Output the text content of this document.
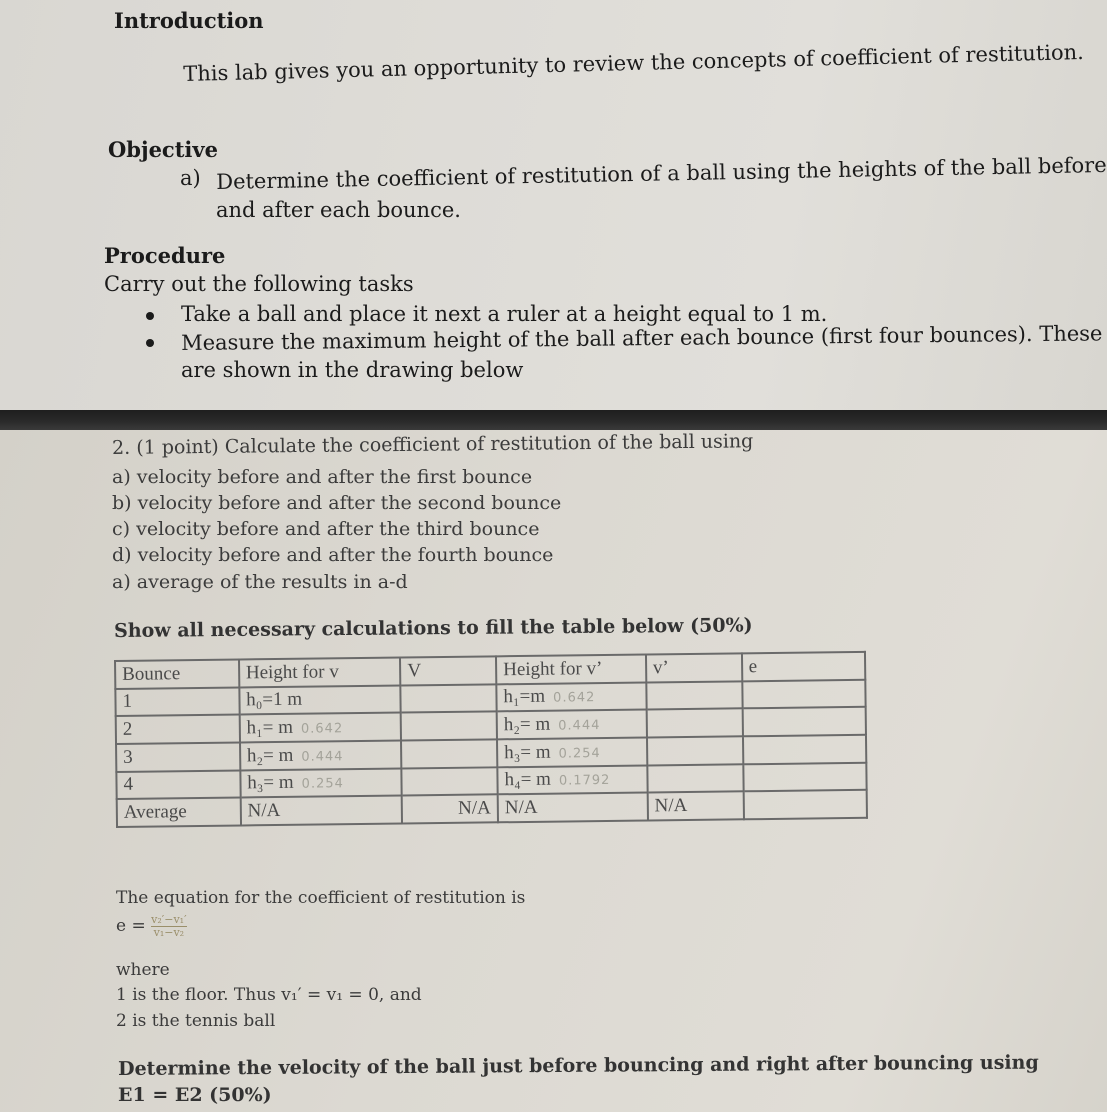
Introduction
This lab gives you an opportunity to review the concepts of coefficient of restitution.
Objective
a) Determine the coefficient of restitution of a ball using the heights of the ball before
and after each bounce.
Procedure
Carry out the following tasks
Take a ball and place it next a ruler at a height equal to 1 m.
Measure the maximum height of the ball after each bounce (first four bounces). These
are shown in the drawing below
2. (1 point) Calculate the coefficient of restitution of the ball using
a) velocity before and after the first bounce
b) velocity before and after the second bounce
c) velocity before and after the third bounce
d) velocity before and after the fourth bounce
a) average of the results in a-d
Show all necessary calculations to fill the table below (50%)
Bounce	Height for v	V	Height for v’	v’	e
1	h₀=1 m		h₁=m 0.642		
2	h₁= m 0.642		h₂= m 0.444		
3	h₂= m 0.444		h₃= m 0.254		
4	h₃= m 0.254		h₄= m 0.1792		
Average	N/A	N/A	N/A	N/A	
The equation for the coefficient of restitution is
$e = \frac{\text{v₂′−v₁′}}{\text{v₁−v₂}}$
where
1 is the floor. Thus v₁′ = v₁ = 0, and
2 is the tennis ball
Determine the velocity of the ball just before bouncing and right after bouncing using
E1 = E2 (50%)
